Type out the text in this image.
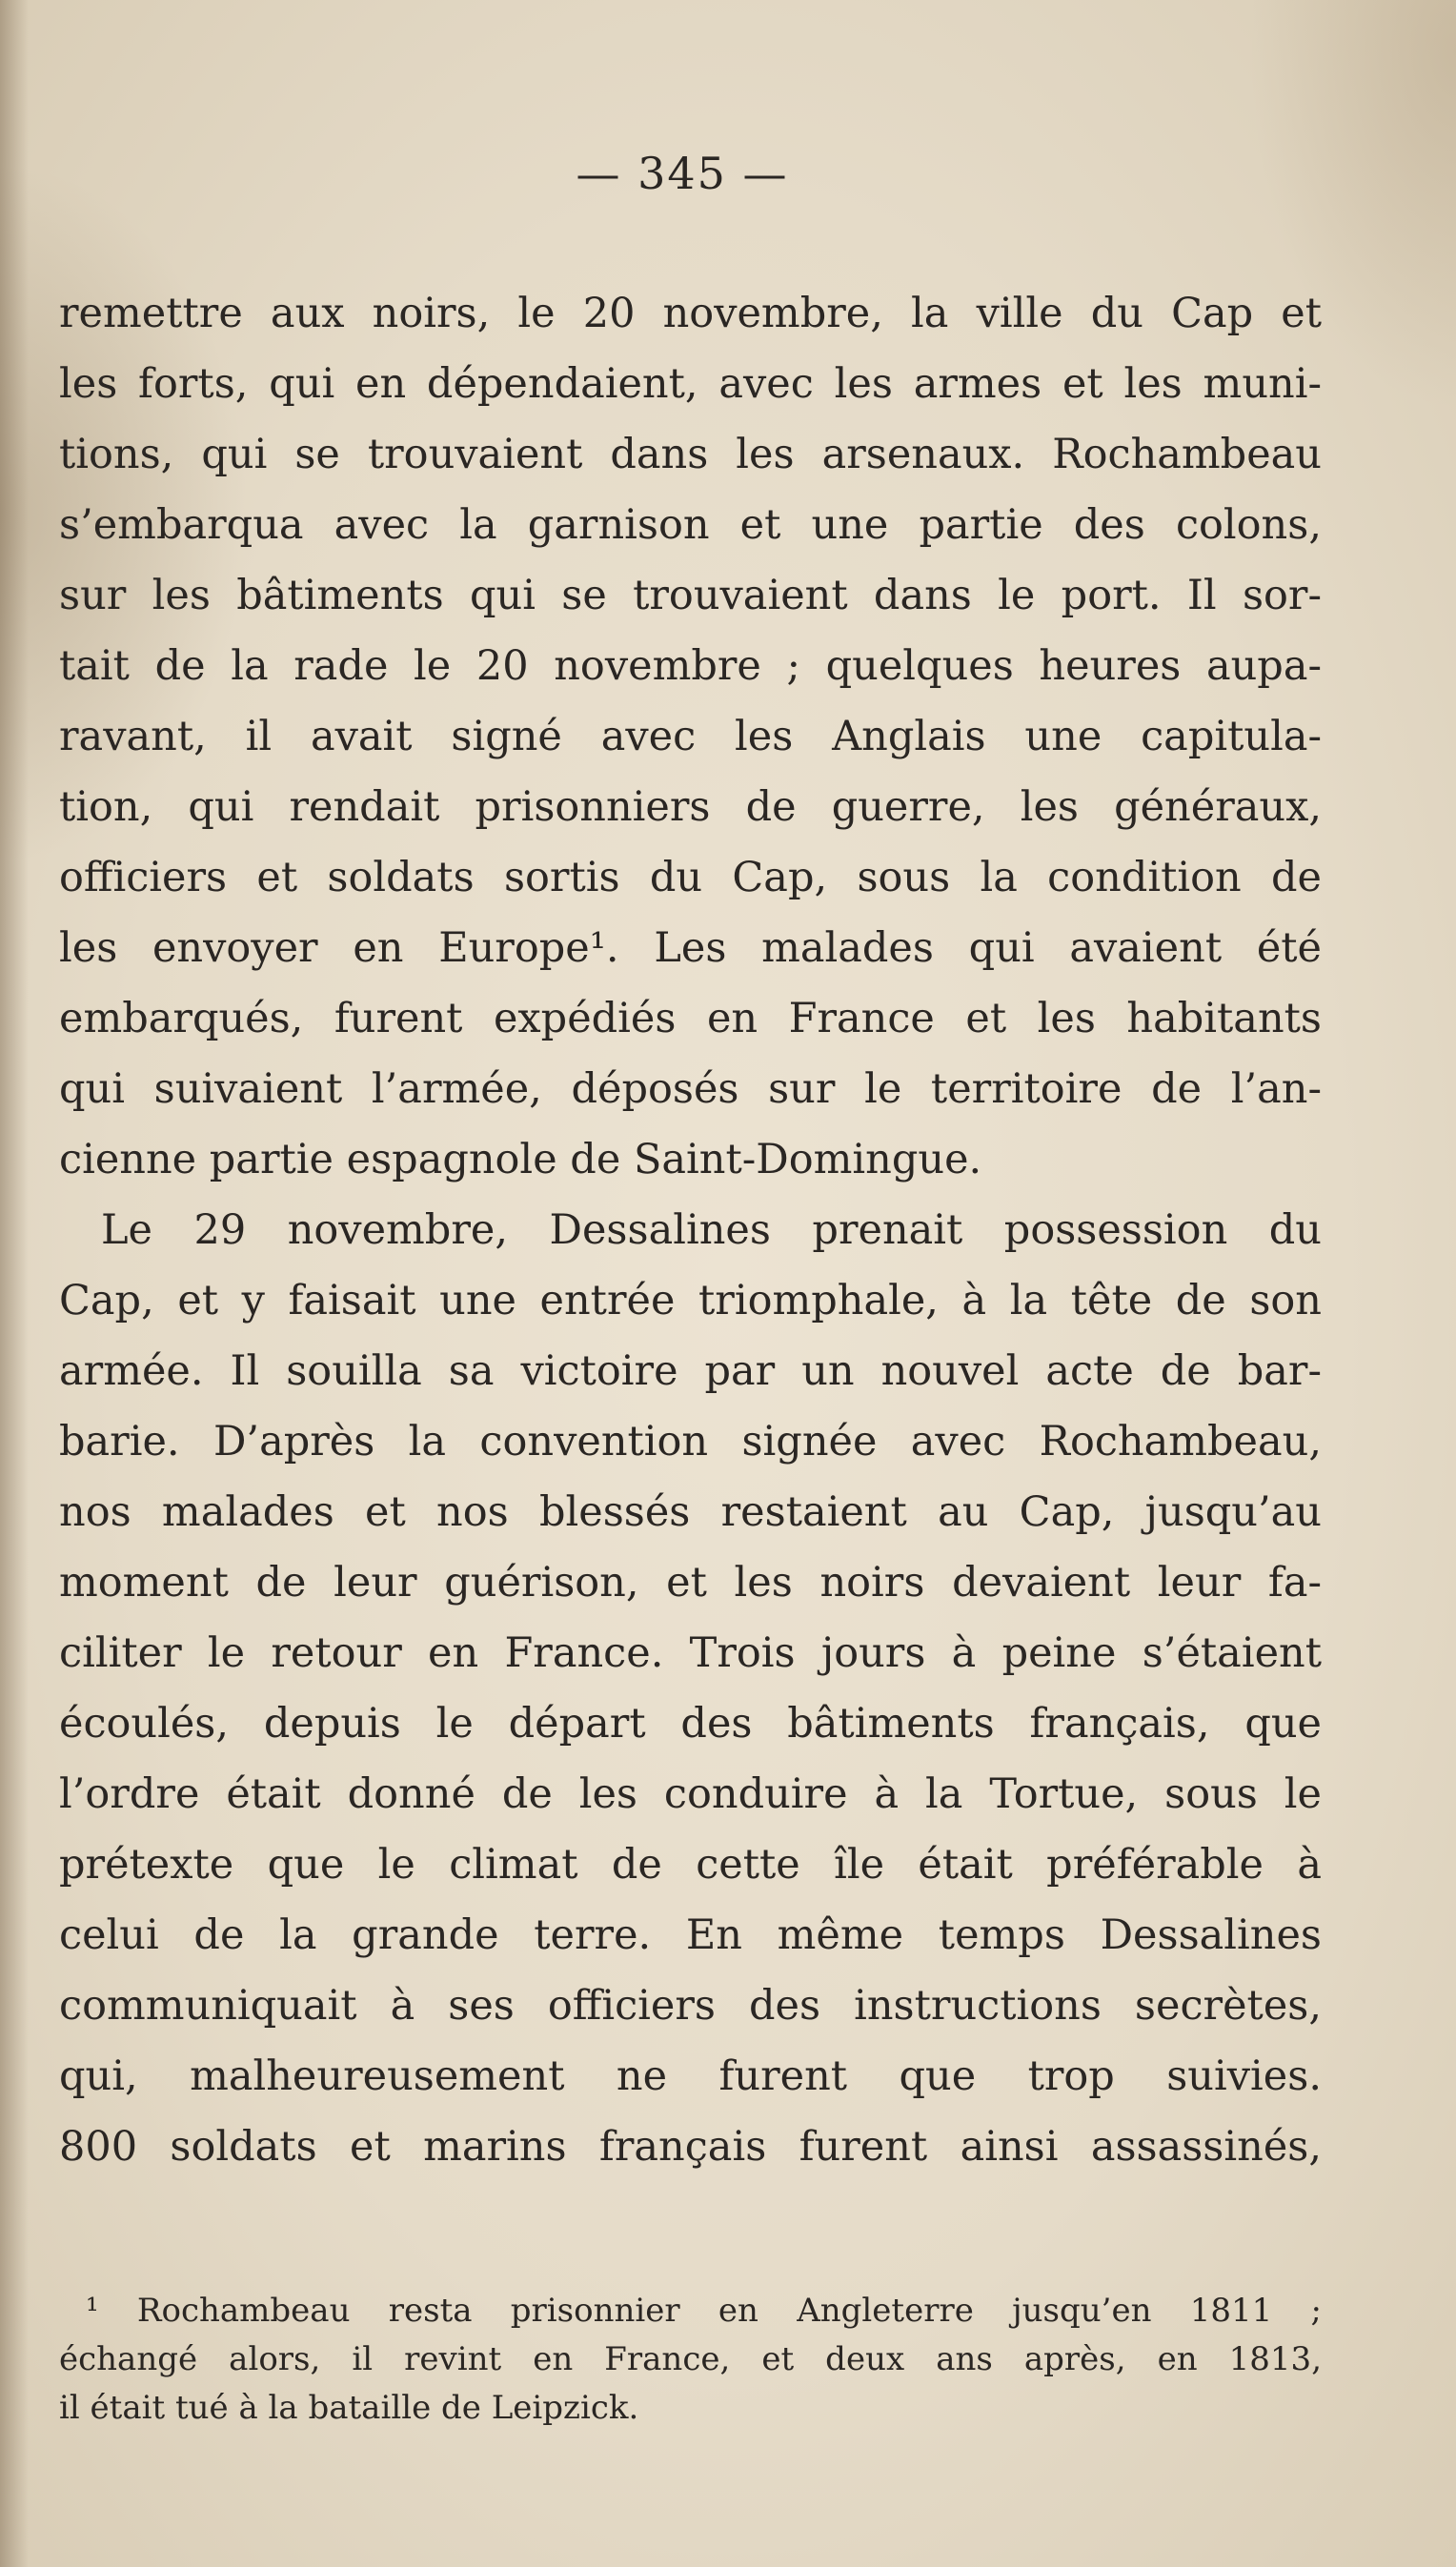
— 345 —
remettre aux noirs, le 20 novembre, la ville du Cap et
les forts, qui en dépendaient, avec les armes et les muni-
tions, qui se trouvaient dans les arsenaux. Rochambeau
s’embarqua avec la garnison et une partie des colons,
sur les bâtiments qui se trouvaient dans le port. Il sor-
tait de la rade le 20 novembre ; quelques heures aupa-
ravant, il avait signé avec les Anglais une capitula-
tion, qui rendait prisonniers de guerre, les généraux,
officiers et soldats sortis du Cap, sous la condition de
les envoyer en Europe¹. Les malades qui avaient été
embarqués, furent expédiés en France et les habitants
qui suivaient l’armée, déposés sur le territoire de l’an-
cienne partie espagnole de Saint-Domingue.
Le 29 novembre, Dessalines prenait possession du
Cap, et y faisait une entrée triomphale, à la tête de son
armée. Il souilla sa victoire par un nouvel acte de bar-
barie. D’après la convention signée avec Rochambeau,
nos malades et nos blessés restaient au Cap, jusqu’au
moment de leur guérison, et les noirs devaient leur fa-
ciliter le retour en France. Trois jours à peine s’étaient
écoulés, depuis le départ des bâtiments français, que
l’ordre était donné de les conduire à la Tortue, sous le
prétexte que le climat de cette île était préférable à
celui de la grande terre. En même temps Dessalines
communiquait à ses officiers des instructions secrètes,
qui, malheureusement ne furent que trop suivies.
800 soldats et marins français furent ainsi assassinés,
¹ Rochambeau resta prisonnier en Angleterre jusqu’en 1811 ;
échangé alors, il revint en France, et deux ans après, en 1813,
il était tué à la bataille de Leipzick.
